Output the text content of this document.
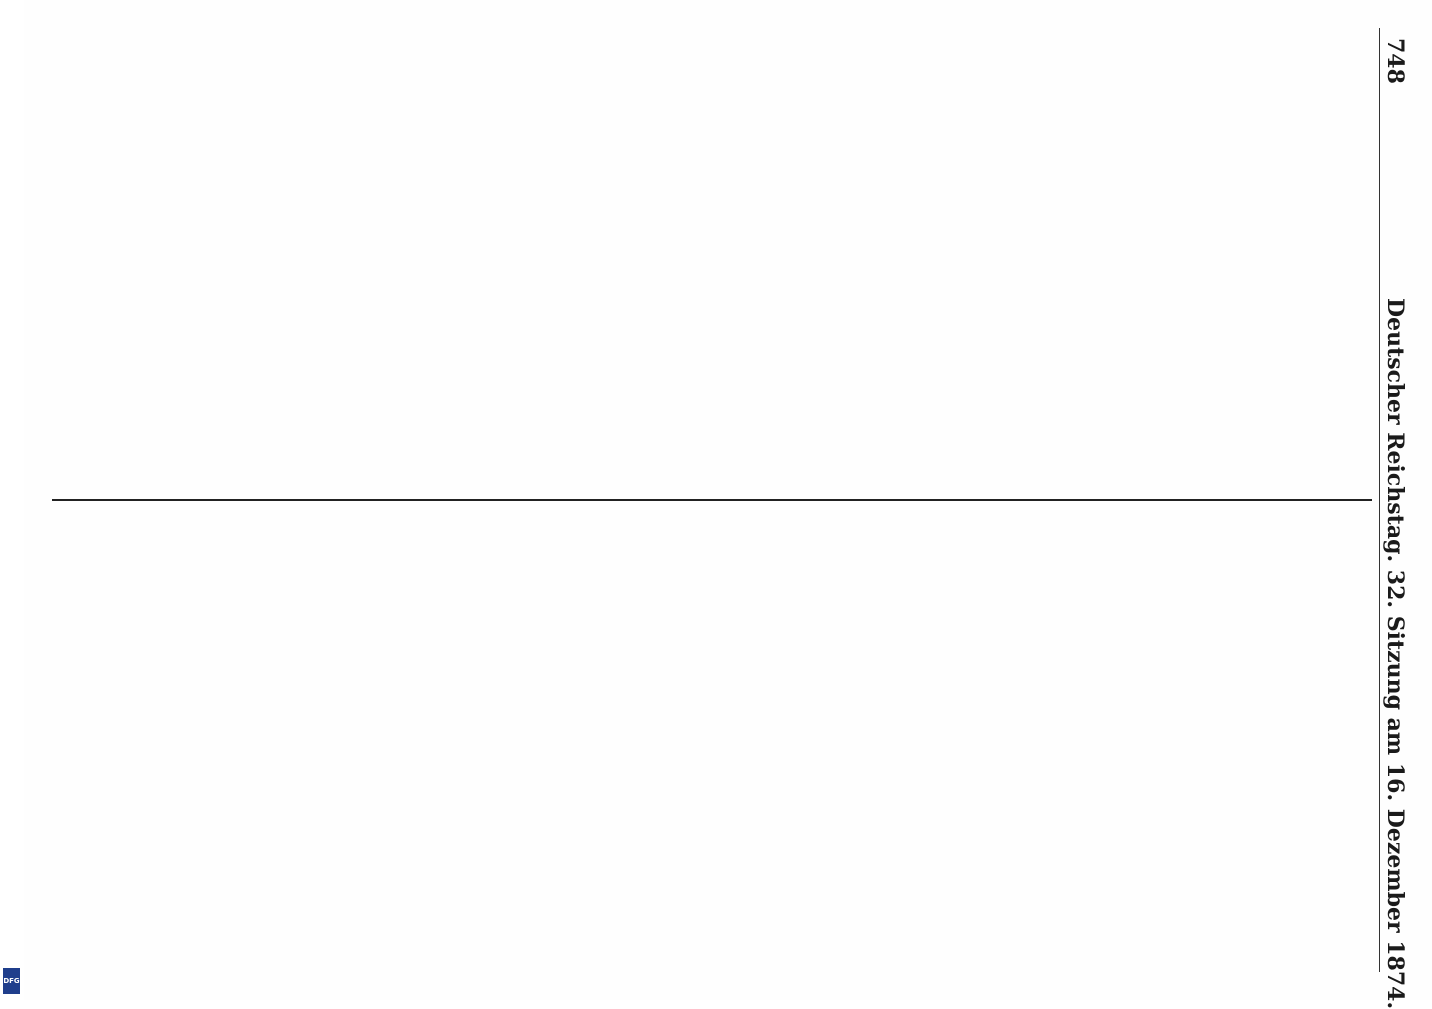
748
Deutscher Reichstag. 32. Sitzung am 16. Dezember 1874.
DFG
